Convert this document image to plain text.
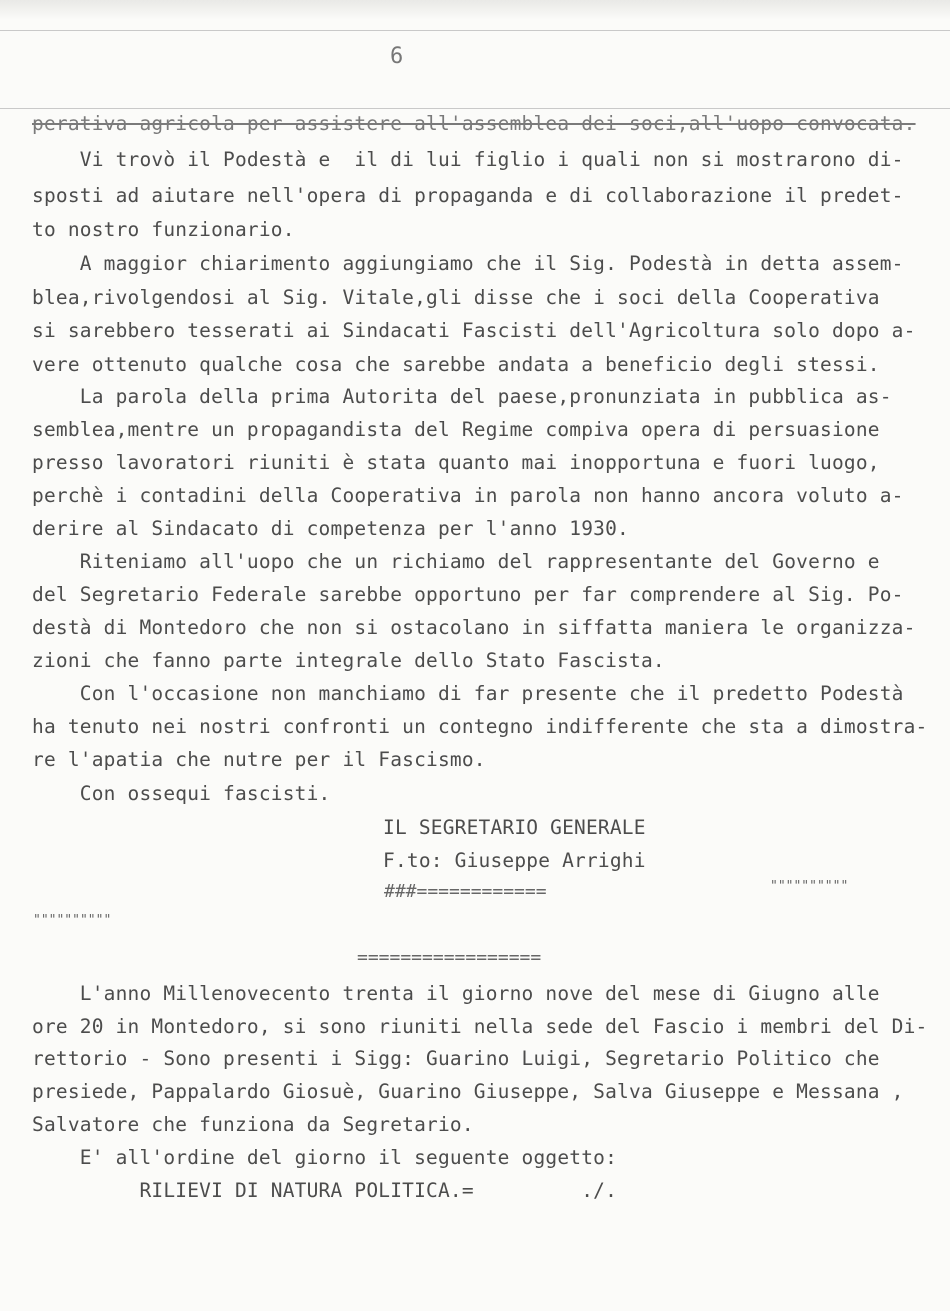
6
perativa agricola per assistere all'assemblea dei soci,all'uopo convocata.
Vi trovò il Podestà e  il di lui figlio i quali non si mostrarono di-
sposti ad aiutare nell'opera di propaganda e di collaborazione il predet-
to nostro funzionario.
A maggior chiarimento aggiungiamo che il Sig. Podestà in detta assem-
blea,rivolgendosi al Sig. Vitale,gli disse che i soci della Cooperativa
si sarebbero tesserati ai Sindacati Fascisti dell'Agricoltura solo dopo a-
vere ottenuto qualche cosa che sarebbe andata a beneficio degli stessi.
La parola della prima Autorita del paese,pronunziata in pubblica as-
semblea,mentre un propagandista del Regime compiva opera di persuasione
presso lavoratori riuniti è stata quanto mai inopportuna e fuori luogo,
perchè i contadini della Cooperativa in parola non hanno ancora voluto a-
derire al Sindacato di competenza per l'anno 1930.
Riteniamo all'uopo che un richiamo del rappresentante del Governo e
del Segretario Federale sarebbe opportuno per far comprendere al Sig. Po-
destà di Montedoro che non si ostacolano in siffatta maniera le organizza-
zioni che fanno parte integrale dello Stato Fascista.
Con l'occasione non manchiamo di far presente che il predetto Podestà
ha tenuto nei nostri confronti un contegno indifferente che sta a dimostra-
re l'apatia che nutre per il Fascismo.
Con ossequi fascisti.
IL SEGRETARIO GENERALE
F.to: Giuseppe Arrighi
###============	""""""""""
""""""""""
=================
L'anno Millenovecento trenta il giorno nove del mese di Giugno alle
ore 20 in Montedoro, si sono riuniti nella sede del Fascio i membri del Di-
rettorio - Sono presenti i Sigg: Guarino Luigi, Segretario Politico che
presiede, Pappalardo Giosuè, Guarino Giuseppe, Salva Giuseppe e Messana ,
Salvatore che funziona da Segretario.
E' all'ordine del giorno il seguente oggetto:
RILIEVI DI NATURA POLITICA.=         ./.
